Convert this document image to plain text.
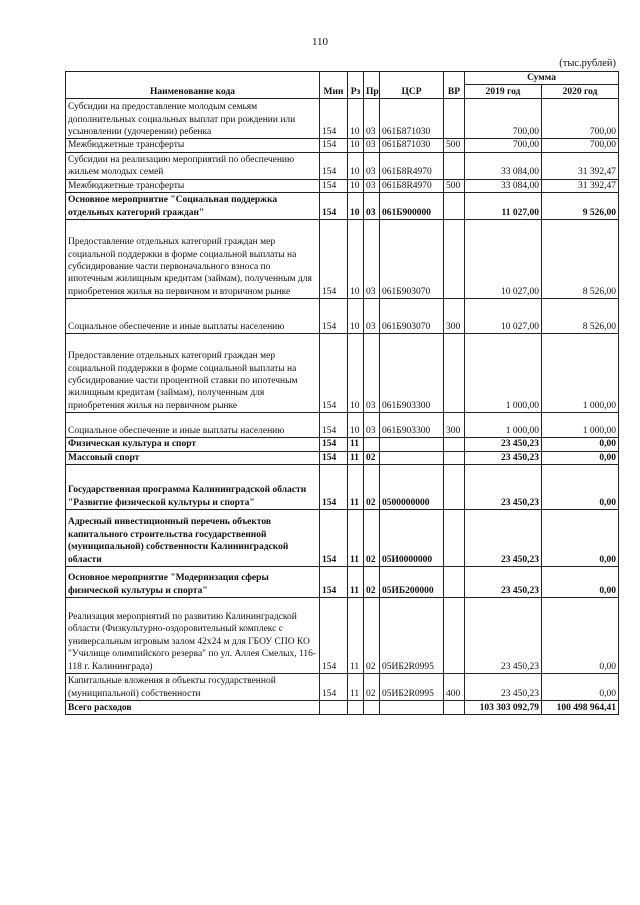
110
(тыс.рублей)
Наименование кода	Мин	Рз	Пр	ЦСР	ВР	Сумма	
						2019 год	2020 год
Субсидии на предоставление молодым семьям дополнительных социальных выплат при рождении или усыновлении (удочерении) ребенка	154	10	03	061Б871030		700,00	700,00
Межбюджетные трансферты	154	10	03	061Б871030	500	700,00	700,00
Субсидии на реализацию мероприятий по обеспечению жильем молодых семей	154	10	03	061Б8R4970		33 084,00	31 392,47
Межбюджетные трансферты	154	10	03	061Б8R4970	500	33 084,00	31 392,47
Основное мероприятие "Социальная поддержка отдельных категорий граждан"	154	10	03	061Б900000		11 027,00	9 526,00
Предоставление отдельных категорий граждан мер социальной поддержки в форме социальной выплаты на субсидирование части первоначального взноса по ипотечным жилищным кредитам (займам), полученным для приобретения жилья на первичном и вторичном рынке	154	10	03	061Б903070		10 027,00	8 526,00
Социальное обеспечение и иные выплаты населению	154	10	03	061Б903070	300	10 027,00	8 526,00
Предоставление отдельных категорий граждан мер социальной поддержки в форме социальной выплаты на субсидирование части процентной ставки по ипотечным жилищным кредитам (займам), полученным для приобретения жилья на первичном рынке	154	10	03	061Б903300		1 000,00	1 000,00
Социальное обеспечение и иные выплаты населению	154	10	03	061Б903300	300	1 000,00	1 000,00
Физическая культура и спорт	154	11				23 450,23	0,00
Массовый спорт	154	11	02			23 450,23	0,00
Государственная программа Калининградской области "Развитие физической культуры и спорта"	154	11	02	0500000000		23 450,23	0,00
Адресный инвестиционный перечень объектов капитального строительства государственной (муниципальной) собственности Калининградской области	154	11	02	05И0000000		23 450,23	0,00
Основное мероприятие "Модернизация сферы физической культуры и спорта"	154	11	02	05ИБ200000		23 450,23	0,00
Реализация мероприятий по развитию Калининградской области (Физкультурно-оздоровительный комплекс с универсальным игровым залом 42х24 м для ГБОУ СПО КО "Училище олимпийского резерва" по ул. Аллея Смелых, 116-118 г. Калининграда)	154	11	02	05ИБ2R0995		23 450,23	0,00
Капитальные вложения в объекты государственной (муниципальной) собственности	154	11	02	05ИБ2R0995	400	23 450,23	0,00
Всего расходов						103 303 092,79	100 498 964,41
